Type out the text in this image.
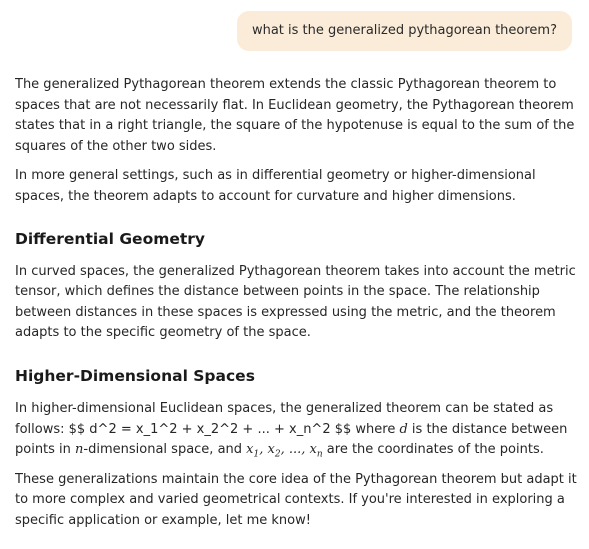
what is the generalized pythagorean theorem?

The generalized Pythagorean theorem extends the classic Pythagorean theorem to spaces that are not necessarily flat. In Euclidean geometry, the Pythagorean theorem states that in a right triangle, the square of the hypotenuse is equal to the sum of the squares of the other two sides.

In more general settings, such as in differential geometry or higher-dimensional spaces, the theorem adapts to account for curvature and higher dimensions.

Differential Geometry

In curved spaces, the generalized Pythagorean theorem takes into account the metric tensor, which defines the distance between points in the space. The relationship between distances in these spaces is expressed using the metric, and the theorem adapts to the specific geometry of the space.

Higher-Dimensional Spaces

In higher-dimensional Euclidean spaces, the generalized theorem can be stated as follows: $$ d^2 = x_1^2 + x_2^2 + ... + x_n^2 $$ where d is the distance between points in n-dimensional space, and $x_1$, $x_2$, ..., $x_n$ are the coordinates of the points.

These generalizations maintain the core idea of the Pythagorean theorem but adapt it to more complex and varied geometrical contexts. If you're interested in exploring a specific application or example, let me know!
